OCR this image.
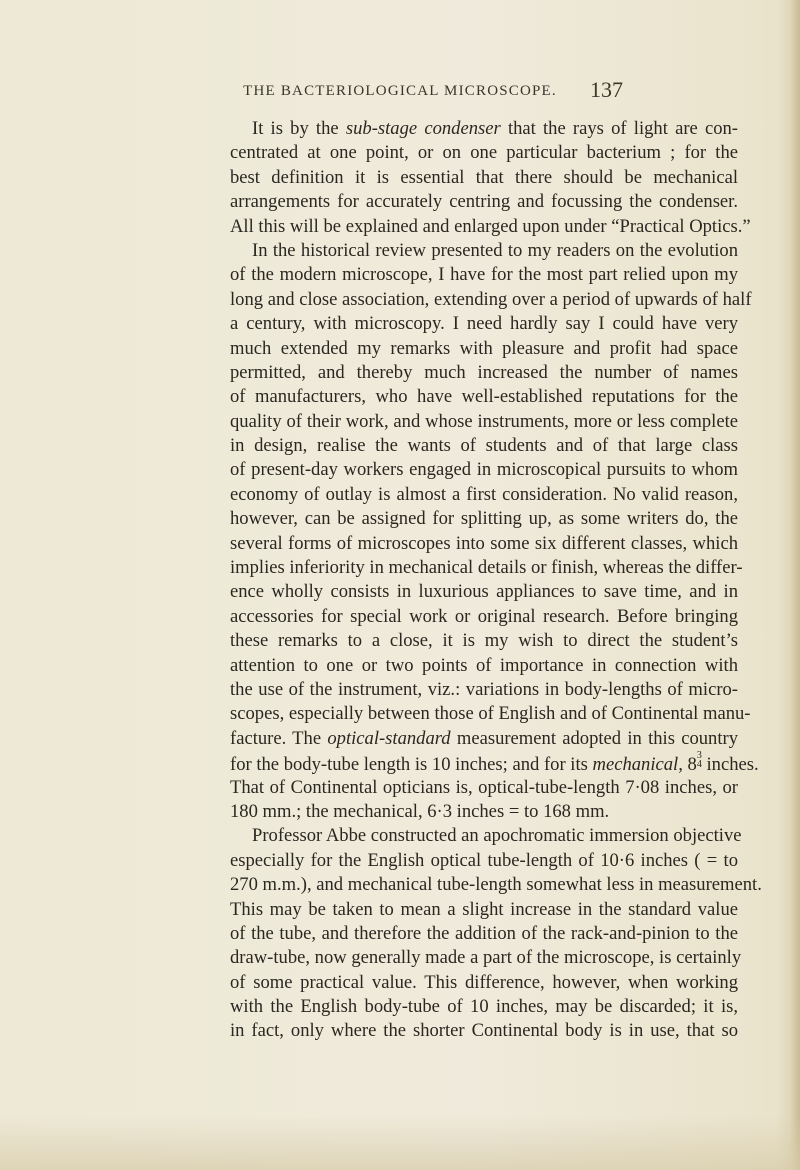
THE BACTERIOLOGICAL MICROSCOPE.	137
It is by the sub-stage condenser that the rays of light are con-
centrated at one point, or on one particular bacterium ; for the
best definition it is essential that there should be mechanical
arrangements for accurately centring and focussing the condenser.
All this will be explained and enlarged upon under “Practical Optics.”
In the historical review presented to my readers on the evolution
of the modern microscope, I have for the most part relied upon my
long and close association, extending over a period of upwards of half
a century, with microscopy. I need hardly say I could have very
much extended my remarks with pleasure and profit had space
permitted, and thereby much increased the number of names
of manufacturers, who have well-established reputations for the
quality of their work, and whose instruments, more or less complete
in design, realise the wants of students and of that large class
of present-day workers engaged in microscopical pursuits to whom
economy of outlay is almost a first consideration. No valid reason,
however, can be assigned for splitting up, as some writers do, the
several forms of microscopes into some six different classes, which
implies inferiority in mechanical details or finish, whereas the differ-
ence wholly consists in luxurious appliances to save time, and in
accessories for special work or original research. Before bringing
these remarks to a close, it is my wish to direct the student’s
attention to one or two points of importance in connection with
the use of the instrument, viz.: variations in body-lengths of micro-
scopes, especially between those of English and of Continental manu-
facture. The optical-standard measurement adopted in this country
for the body-tube length is 10 inches; and for its mechanical, 8 3
4 inches.
That of Continental opticians is, optical-tube-length 7·08 inches, or
180 mm.; the mechanical, 6·3 inches = to 168 mm.
Professor Abbe constructed an apochromatic immersion objective
especially for the English optical tube-length of 10·6 inches ( = to
270 m.m.), and mechanical tube-length somewhat less in measurement.
This may be taken to mean a slight increase in the standard value
of the tube, and therefore the addition of the rack-and-pinion to the
draw-tube, now generally made a part of the microscope, is certainly
of some practical value. This difference, however, when working
with the English body-tube of 10 inches, may be discarded; it is,
in fact, only where the shorter Continental body is in use, that so
